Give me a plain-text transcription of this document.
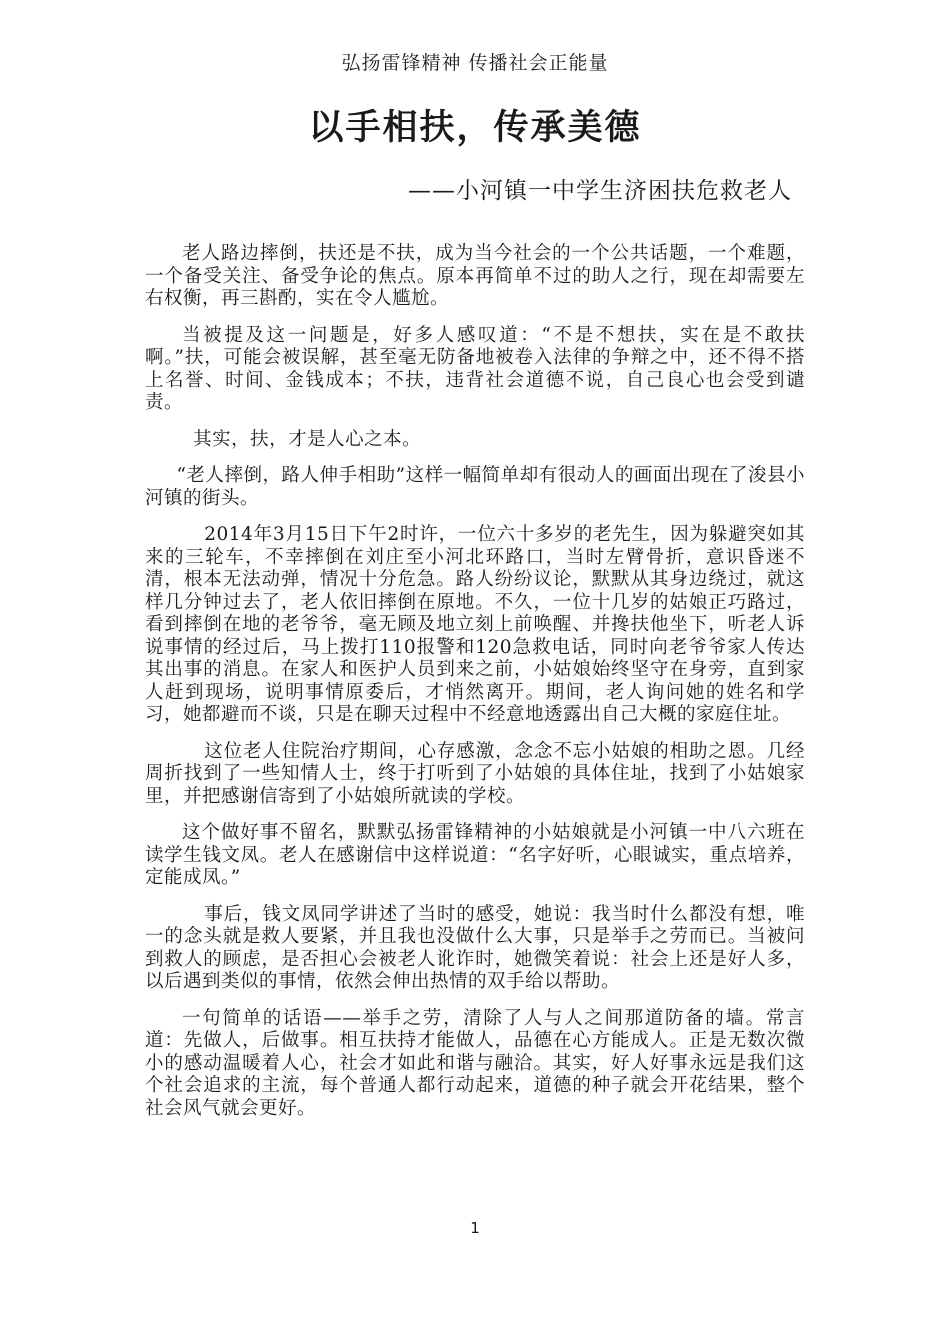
弘扬雷锋精神 传播社会正能量
以手相扶，传承美德
——小河镇一中学生济困扶危救老人

老人路边摔倒，扶还是不扶，成为当今社会的一个公共话题，一个难题，一个备受关注、备受争论的焦点。原本再简单不过的助人之行，现在却需要左右权衡，再三斟酌，实在令人尴尬。

当被提及这一问题是，好多人感叹道：“不是不想扶，实在是不敢扶啊。”扶，可能会被误解，甚至毫无防备地被卷入法律的争辩之中，还不得不搭上名誉、时间、金钱成本；不扶，违背社会道德不说，自己良心也会受到谴责。

其实，扶，才是人心之本。

“老人摔倒，路人伸手相助”这样一幅简单却有很动人的画面出现在了浚县小河镇的街头。

2014年3月15日下午2时许，一位六十多岁的老先生，因为躲避突如其来的三轮车，不幸摔倒在刘庄至小河北环路口，当时左臂骨折，意识昏迷不清，根本无法动弹，情况十分危急。路人纷纷议论，默默从其身边绕过，就这样几分钟过去了，老人依旧摔倒在原地。不久，一位十几岁的姑娘正巧路过，看到摔倒在地的老爷爷，毫无顾及地立刻上前唤醒、并搀扶他坐下，听老人诉说事情的经过后，马上拨打110报警和120急救电话，同时向老爷爷家人传达其出事的消息。在家人和医护人员到来之前，小姑娘始终坚守在身旁，直到家人赶到现场，说明事情原委后，才悄然离开。期间，老人询问她的姓名和学习，她都避而不谈，只是在聊天过程中不经意地透露出自己大概的家庭住址。

这位老人住院治疗期间，心存感激，念念不忘小姑娘的相助之恩。几经周折找到了一些知情人士，终于打听到了小姑娘的具体住址，找到了小姑娘家里，并把感谢信寄到了小姑娘所就读的学校。

这个做好事不留名，默默弘扬雷锋精神的小姑娘就是小河镇一中八六班在读学生钱文凤。老人在感谢信中这样说道：“名字好听，心眼诚实，重点培养，定能成凤。”

事后，钱文凤同学讲述了当时的感受，她说：我当时什么都没有想，唯一的念头就是救人要紧，并且我也没做什么大事，只是举手之劳而已。当被问到救人的顾虑，是否担心会被老人讹诈时，她微笑着说：社会上还是好人多，以后遇到类似的事情，依然会伸出热情的双手给以帮助。

一句简单的话语——举手之劳，清除了人与人之间那道防备的墙。常言道：先做人，后做事。相互扶持才能做人，品德在心方能成人。正是无数次微小的感动温暖着人心，社会才如此和谐与融洽。其实，好人好事永远是我们这个社会追求的主流，每个普通人都行动起来，道德的种子就会开花结果，整个社会风气就会更好。

1
